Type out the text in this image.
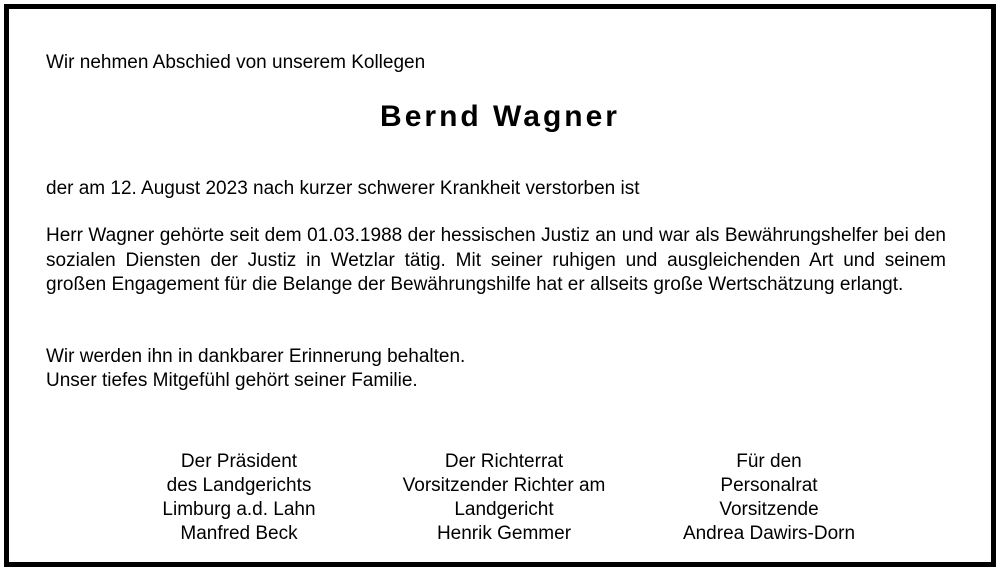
Wir nehmen Abschied von unserem Kollegen

Bernd Wagner

der am 12. August 2023 nach kurzer schwerer Krankheit verstorben ist

Herr Wagner gehörte seit dem 01.03.1988 der hessischen Justiz an und war als Bewährungshelfer bei den sozialen Diensten der Justiz in Wetzlar tätig. Mit seiner ruhigen und ausgleichenden Art und seinem großen Engagement für die Belange der Bewährungshilfe hat er allseits große Wertschätzung erlangt.

Wir werden ihn in dankbarer Erinnerung behalten.
Unser tiefes Mitgefühl gehört seiner Familie.
Der Präsident
des Landgerichts
Limburg a.d. Lahn
Manfred Beck
Der Richterrat
Vorsitzender Richter am
Landgericht
Henrik Gemmer
Für den
Personalrat
Vorsitzende
Andrea Dawirs-Dorn
